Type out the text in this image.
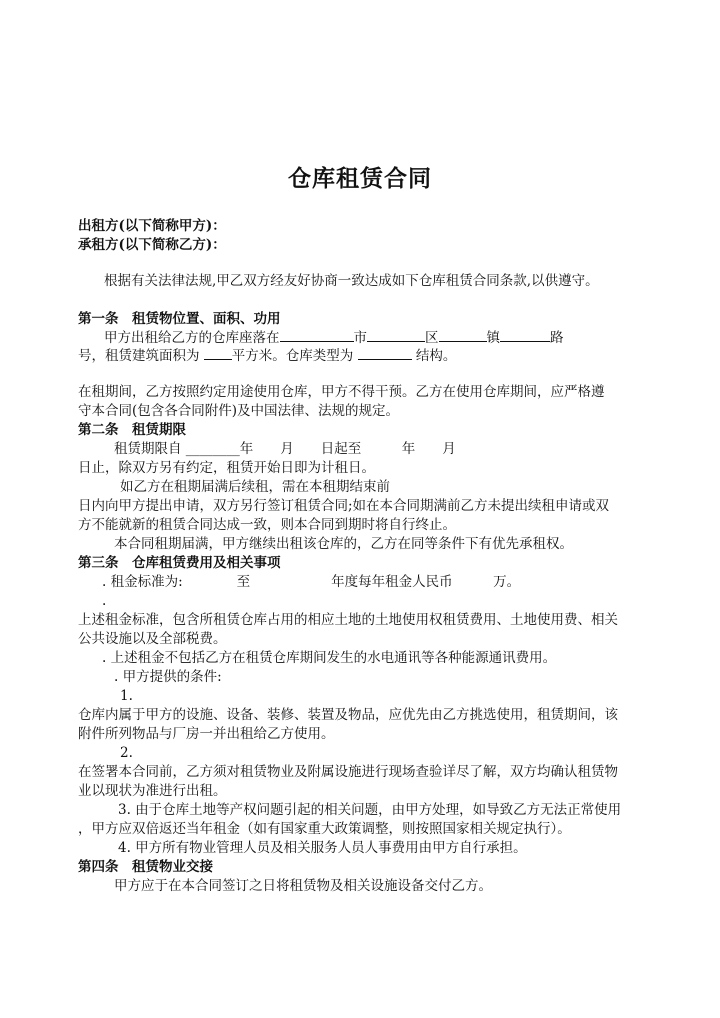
仓库租赁合同
出租方(以下简称甲方)：
承租方(以下简称乙方)：
根据有关法律法规,甲乙双方经友好协商一致达成如下仓库租赁合同条款,以供遵守。
第一条　租赁物位置、面积、功用
甲方出租给乙方的仓库座落在	市	区	镇	路
号，租赁建筑面积为 平方米。仓库类型为	结构。
在租期间，乙方按照约定用途使用仓库，甲方不得干预。乙方在使用仓库期间，应严格遵
守本合同(包含各合同附件)及中国法律、法规的规定。
第二条　租赁期限
租赁期限自 ________年　　月　　日起至　　　年　　月
日止，除双方另有约定，租赁开始日即为计租日。
如乙方在租期届满后续租，需在本租期结束前
日内向甲方提出申请，双方另行签订租赁合同;如在本合同期满前乙方未提出续租申请或双
方不能就新的租赁合同达成一致，则本合同到期时将自行终止。
本合同租期届满，甲方继续出租该仓库的，乙方在同等条件下有优先承租权。
第三条　仓库租赁费用及相关事项
. 租金标准为:　　　　至　　　　　　年度每年租金人民币　　　万。
.
上述租金标准，包含所租赁仓库占用的相应土地的土地使用权租赁费用、土地使用费、相关
公共设施以及全部税费。
. 上述租金不包括乙方在租赁仓库期间发生的水电通讯等各种能源通讯费用。
. 甲方提供的条件:
1.
仓库内属于甲方的设施、设备、装修、装置及物品，应优先由乙方挑选使用，租赁期间，该
附件所列物品与厂房一并出租给乙方使用。
2.
在签署本合同前，乙方须对租赁物业及附属设施进行现场查验详尽了解，双方均确认租赁物
业以现状为准进行出租。
3. 由于仓库土地等产权问题引起的相关问题，由甲方处理，如导致乙方无法正常使用
，甲方应双倍返还当年租金（如有国家重大政策调整，则按照国家相关规定执行）。
4. 甲方所有物业管理人员及相关服务人员人事费用由甲方自行承担。
第四条　租赁物业交接
甲方应于在本合同签订之日将租赁物及相关设施设备交付乙方。
